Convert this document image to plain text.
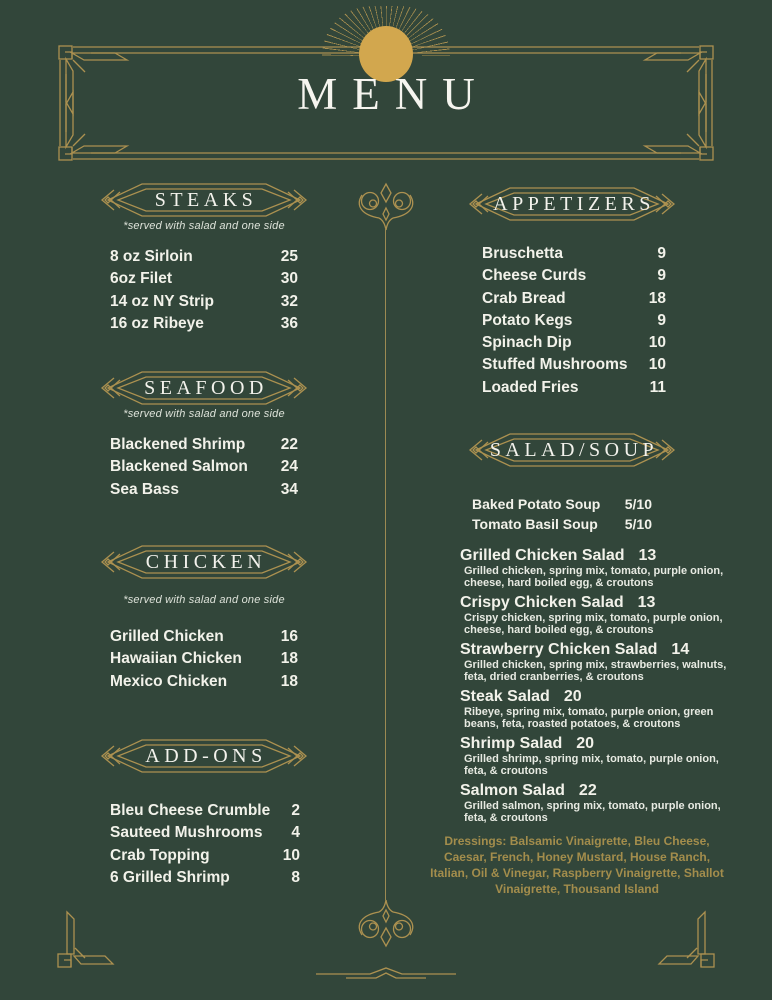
MENU
STEAKS
*served with salad and one side
8 oz Sirloin	25
6oz Filet	30
14 oz NY Strip	32
16 oz Ribeye	36
SEAFOOD
*served with salad and one side
Blackened Shrimp 22
Blackened Salmon 24
Sea Bass	34
CHICKEN
*served with salad and one side
Grilled Chicken	16
Hawaiian Chicken	18
Mexico Chicken	18
ADD-ONS
Bleu Cheese Crumble 2
Sauteed Mushrooms 4
Crab Topping	10
6 Grilled Shrimp	8
APPETIZERS
Bruschetta	9
Cheese Curds	9
Crab Bread	18
Potato Kegs	9
Spinach Dip	10
Stuffed Mushrooms 10
Loaded Fries	11
SALAD/SOUP
Baked Potato Soup 5/10
Tomato Basil Soup 5/10
Grilled Chicken Salad 13
Grilled chicken, spring mix, tomato, purple onion, cheese, hard boiled egg, & croutons
Crispy Chicken Salad 13
Crispy chicken, spring mix, tomato, purple onion, cheese, hard boiled egg, & croutons
Strawberry Chicken Salad 14
Grilled chicken, spring mix, strawberries, walnuts, feta, dried cranberries, & croutons
Steak Salad 20
Ribeye, spring mix, tomato, purple onion, green beans, feta, roasted potatoes, & croutons
Shrimp Salad 20
Grilled shrimp, spring mix, tomato, purple onion, feta, & croutons
Salmon Salad 22
Grilled salmon, spring mix, tomato, purple onion, feta, & croutons
Dressings: Balsamic Vinaigrette, Bleu Cheese, Caesar, French, Honey Mustard, House Ranch, Italian, Oil & Vinegar, Raspberry Vinaigrette, Shallot Vinaigrette, Thousand Island
